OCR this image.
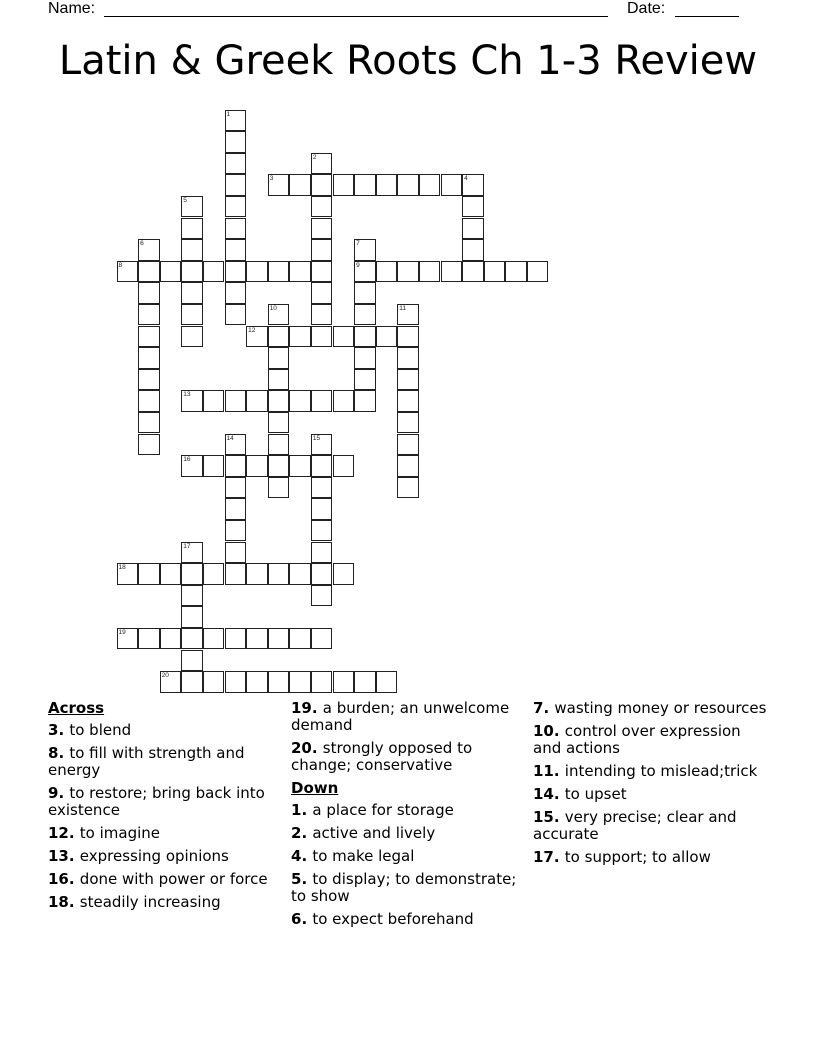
Name:	Date:
Latin & Greek Roots Ch 1-3 Review
1
2
3	4
5
6	7
9
8
10	11
12
13
14	15
16
17
18
19
20
Across
3. to blend
8. to fill with strength and energy
9. to restore; bring back into existence
12. to imagine
13. expressing opinions
16. done with power or force
18. steadily increasing
19. a burden; an unwelcome demand
20. strongly opposed to change; conservative
Down
1. a place for storage
2. active and lively
4. to make legal
5. to display; to demonstrate; to show
6. to expect beforehand
7. wasting money or resources
10. control over expression and actions
11. intending to mislead;trick
14. to upset
15. very precise; clear and accurate
17. to support; to allow
